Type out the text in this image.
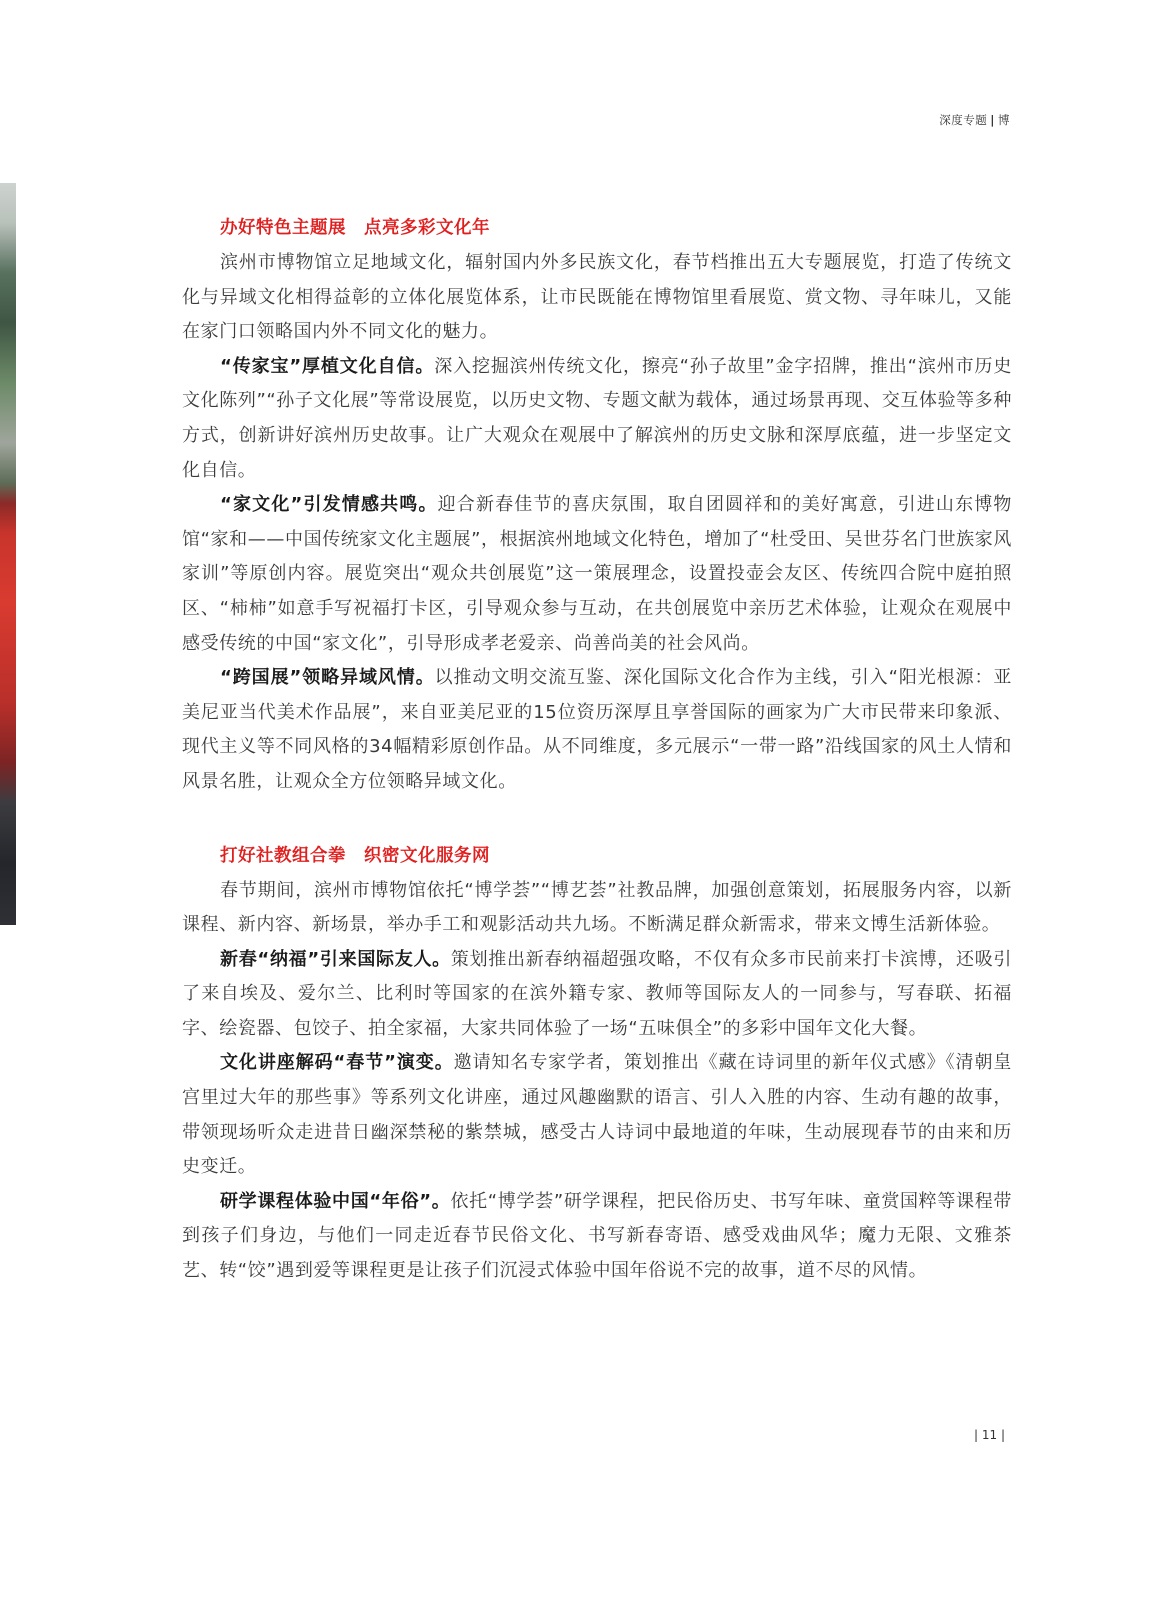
深度专题 | 博
办好特色主题展 点亮多彩文化年

滨州市博物馆立足地域文化，辐射国内外多民族文化，春节档推出五大专题展览，打造了传统文化与异域文化相得益彰的立体化展览体系，让市民既能在博物馆里看展览、赏文物、寻年味儿，又能在家门口领略国内外不同文化的魅力。

“传家宝”厚植文化自信。深入挖掘滨州传统文化，擦亮“孙子故里”金字招牌，推出“滨州市历史文化陈列”“孙子文化展”等常设展览，以历史文物、专题文献为载体，通过场景再现、交互体验等多种方式，创新讲好滨州历史故事。让广大观众在观展中了解滨州的历史文脉和深厚底蕴，进一步坚定文化自信。

“家文化”引发情感共鸣。迎合新春佳节的喜庆氛围，取自团圆祥和的美好寓意，引进山东博物馆“家和——中国传统家文化主题展”，根据滨州地域文化特色，增加了“杜受田、吴世芬名门世族家风家训”等原创内容。展览突出“观众共创展览”这一策展理念，设置投壶会友区、传统四合院中庭拍照区、“柿柿”如意手写祝福打卡区，引导观众参与互动，在共创展览中亲历艺术体验，让观众在观展中感受传统的中国“家文化”，引导形成孝老爱亲、尚善尚美的社会风尚。

“跨国展”领略异域风情。以推动文明交流互鉴、深化国际文化合作为主线，引入“阳光根源：亚美尼亚当代美术作品展”，来自亚美尼亚的15位资历深厚且享誉国际的画家为广大市民带来印象派、现代主义等不同风格的34幅精彩原创作品。从不同维度，多元展示“一带一路”沿线国家的风土人情和风景名胜，让观众全方位领略异域文化。

打好社教组合拳 织密文化服务网

春节期间，滨州市博物馆依托“博学荟”“博艺荟”社教品牌，加强创意策划，拓展服务内容，以新课程、新内容、新场景，举办手工和观影活动共九场。不断满足群众新需求，带来文博生活新体验。

新春“纳福”引来国际友人。策划推出新春纳福超强攻略，不仅有众多市民前来打卡滨博，还吸引了来自埃及、爱尔兰、比利时等国家的在滨外籍专家、教师等国际友人的一同参与，写春联、拓福字、绘瓷器、包饺子、拍全家福，大家共同体验了一场“五味俱全”的多彩中国年文化大餐。

文化讲座解码“春节”演变。邀请知名专家学者，策划推出《藏在诗词里的新年仪式感》《清朝皇宫里过大年的那些事》等系列文化讲座，通过风趣幽默的语言、引人入胜的内容、生动有趣的故事，带领现场听众走进昔日幽深禁秘的紫禁城，感受古人诗词中最地道的年味，生动展现春节的由来和历史变迁。

研学课程体验中国“年俗”。依托“博学荟”研学课程，把民俗历史、书写年味、童赏国粹等课程带到孩子们身边，与他们一同走近春节民俗文化、书写新春寄语、感受戏曲风华；魔力无限、文雅茶艺、转“饺”遇到爱等课程更是让孩子们沉浸式体验中国年俗说不完的故事，道不尽的风情。

| 11 |
